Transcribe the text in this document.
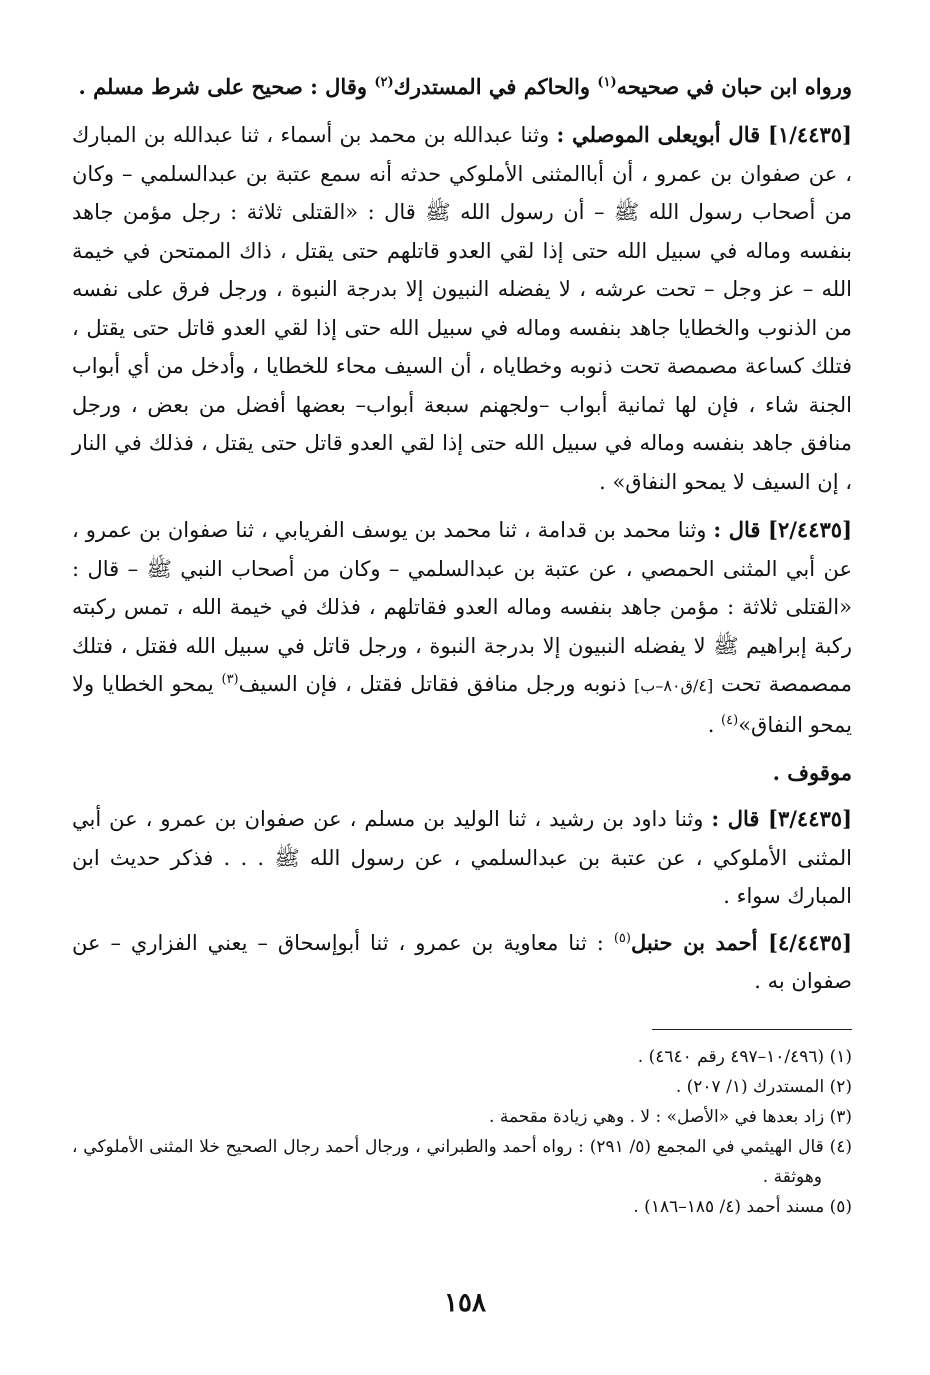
ورواه ابن حبان في صحيحه$^{(١)}$ والحاكم في المستدرك$^{(٢)}$ وقال : صحيح على شرط مسلم .

[١/٤٤٣٥] قال أبويعلى الموصلي : وثنا عبدالله بن محمد بن أسماء ، ثنا عبدالله بن المبارك ، عن صفوان بن عمرو ، أن أباالمثنى الأملوكي حدثه أنه سمع عتبة بن عبدالسلمي – وكان من أصحاب رسول الله ﷺ – أن رسول الله ﷺ قال : «القتلى ثلاثة : رجل مؤمن جاهد بنفسه وماله في سبيل الله حتى إذا لقي العدو قاتلهم حتى يقتل ، ذاك الممتحن في خيمة الله – عز وجل – تحت عرشه ، لا يفضله النبيون إلا بدرجة النبوة ، ورجل فرق على نفسه من الذنوب والخطايا جاهد بنفسه وماله في سبيل الله حتى إذا لقي العدو قاتل حتى يقتل ، فتلك كساعة مصمصة تحت ذنوبه وخطاياه ، أن السيف محاء للخطايا ، وأدخل من أي أبواب الجنة شاء ، فإن لها ثمانية أبواب –ولجهنم سبعة أبواب– بعضها أفضل من بعض ، ورجل منافق جاهد بنفسه وماله في سبيل الله حتى إذا لقي العدو قاتل حتى يقتل ، فذلك في النار ، إن السيف لا يمحو النفاق» .

[٢/٤٤٣٥] قال : وثنا محمد بن قدامة ، ثنا محمد بن يوسف الفريابي ، ثنا صفوان بن عمرو ، عن أبي المثنى الحمصي ، عن عتبة بن عبدالسلمي – وكان من أصحاب النبي ﷺ – قال : «القتلى ثلاثة : مؤمن جاهد بنفسه وماله العدو فقاتلهم ، فذلك في خيمة الله ، تمس ركبته ركبة إبراهيم ﷺ لا يفضله النبيون إلا بدرجة النبوة ، ورجل قاتل في سبيل الله فقتل ، فتلك ممصمصة تحت [٤/ق٨٠–ب] ذنوبه ورجل منافق فقاتل فقتل ، فإن السيف$^{(٣)}$ يمحو الخطايا ولا يمحو النفاق»$^{(٤)}$ .

موقوف .

[٣/٤٤٣٥] قال : وثنا داود بن رشيد ، ثنا الوليد بن مسلم ، عن صفوان بن عمرو ، عن أبي المثنى الأملوكي ، عن عتبة بن عبدالسلمي ، عن رسول الله ﷺ . . . فذكر حديث ابن المبارك سواء .

[٤/٤٤٣٥] أحمد بن حنبل$^{(٥)}$ : ثنا معاوية بن عمرو ، ثنا أبوإسحاق – يعني الفزاري – عن صفوان به .

(١) (١٠/٤٩٦–٤٩٧ رقم ٤٦٤٠) .

(٢) المستدرك (١/ ٢٠٧) .

(٣) زاد بعدها في «الأصل» : لا . وهي زيادة مقحمة .

(٤) قال الهيثمي في المجمع (٥/ ٢٩١) : رواه أحمد والطبراني ، ورجال أحمد رجال الصحيح خلا المثنى الأملوكي ، وهوثقة .

(٥) مسند أحمد (٤/ ١٨٥–١٨٦) .

١٥٨
